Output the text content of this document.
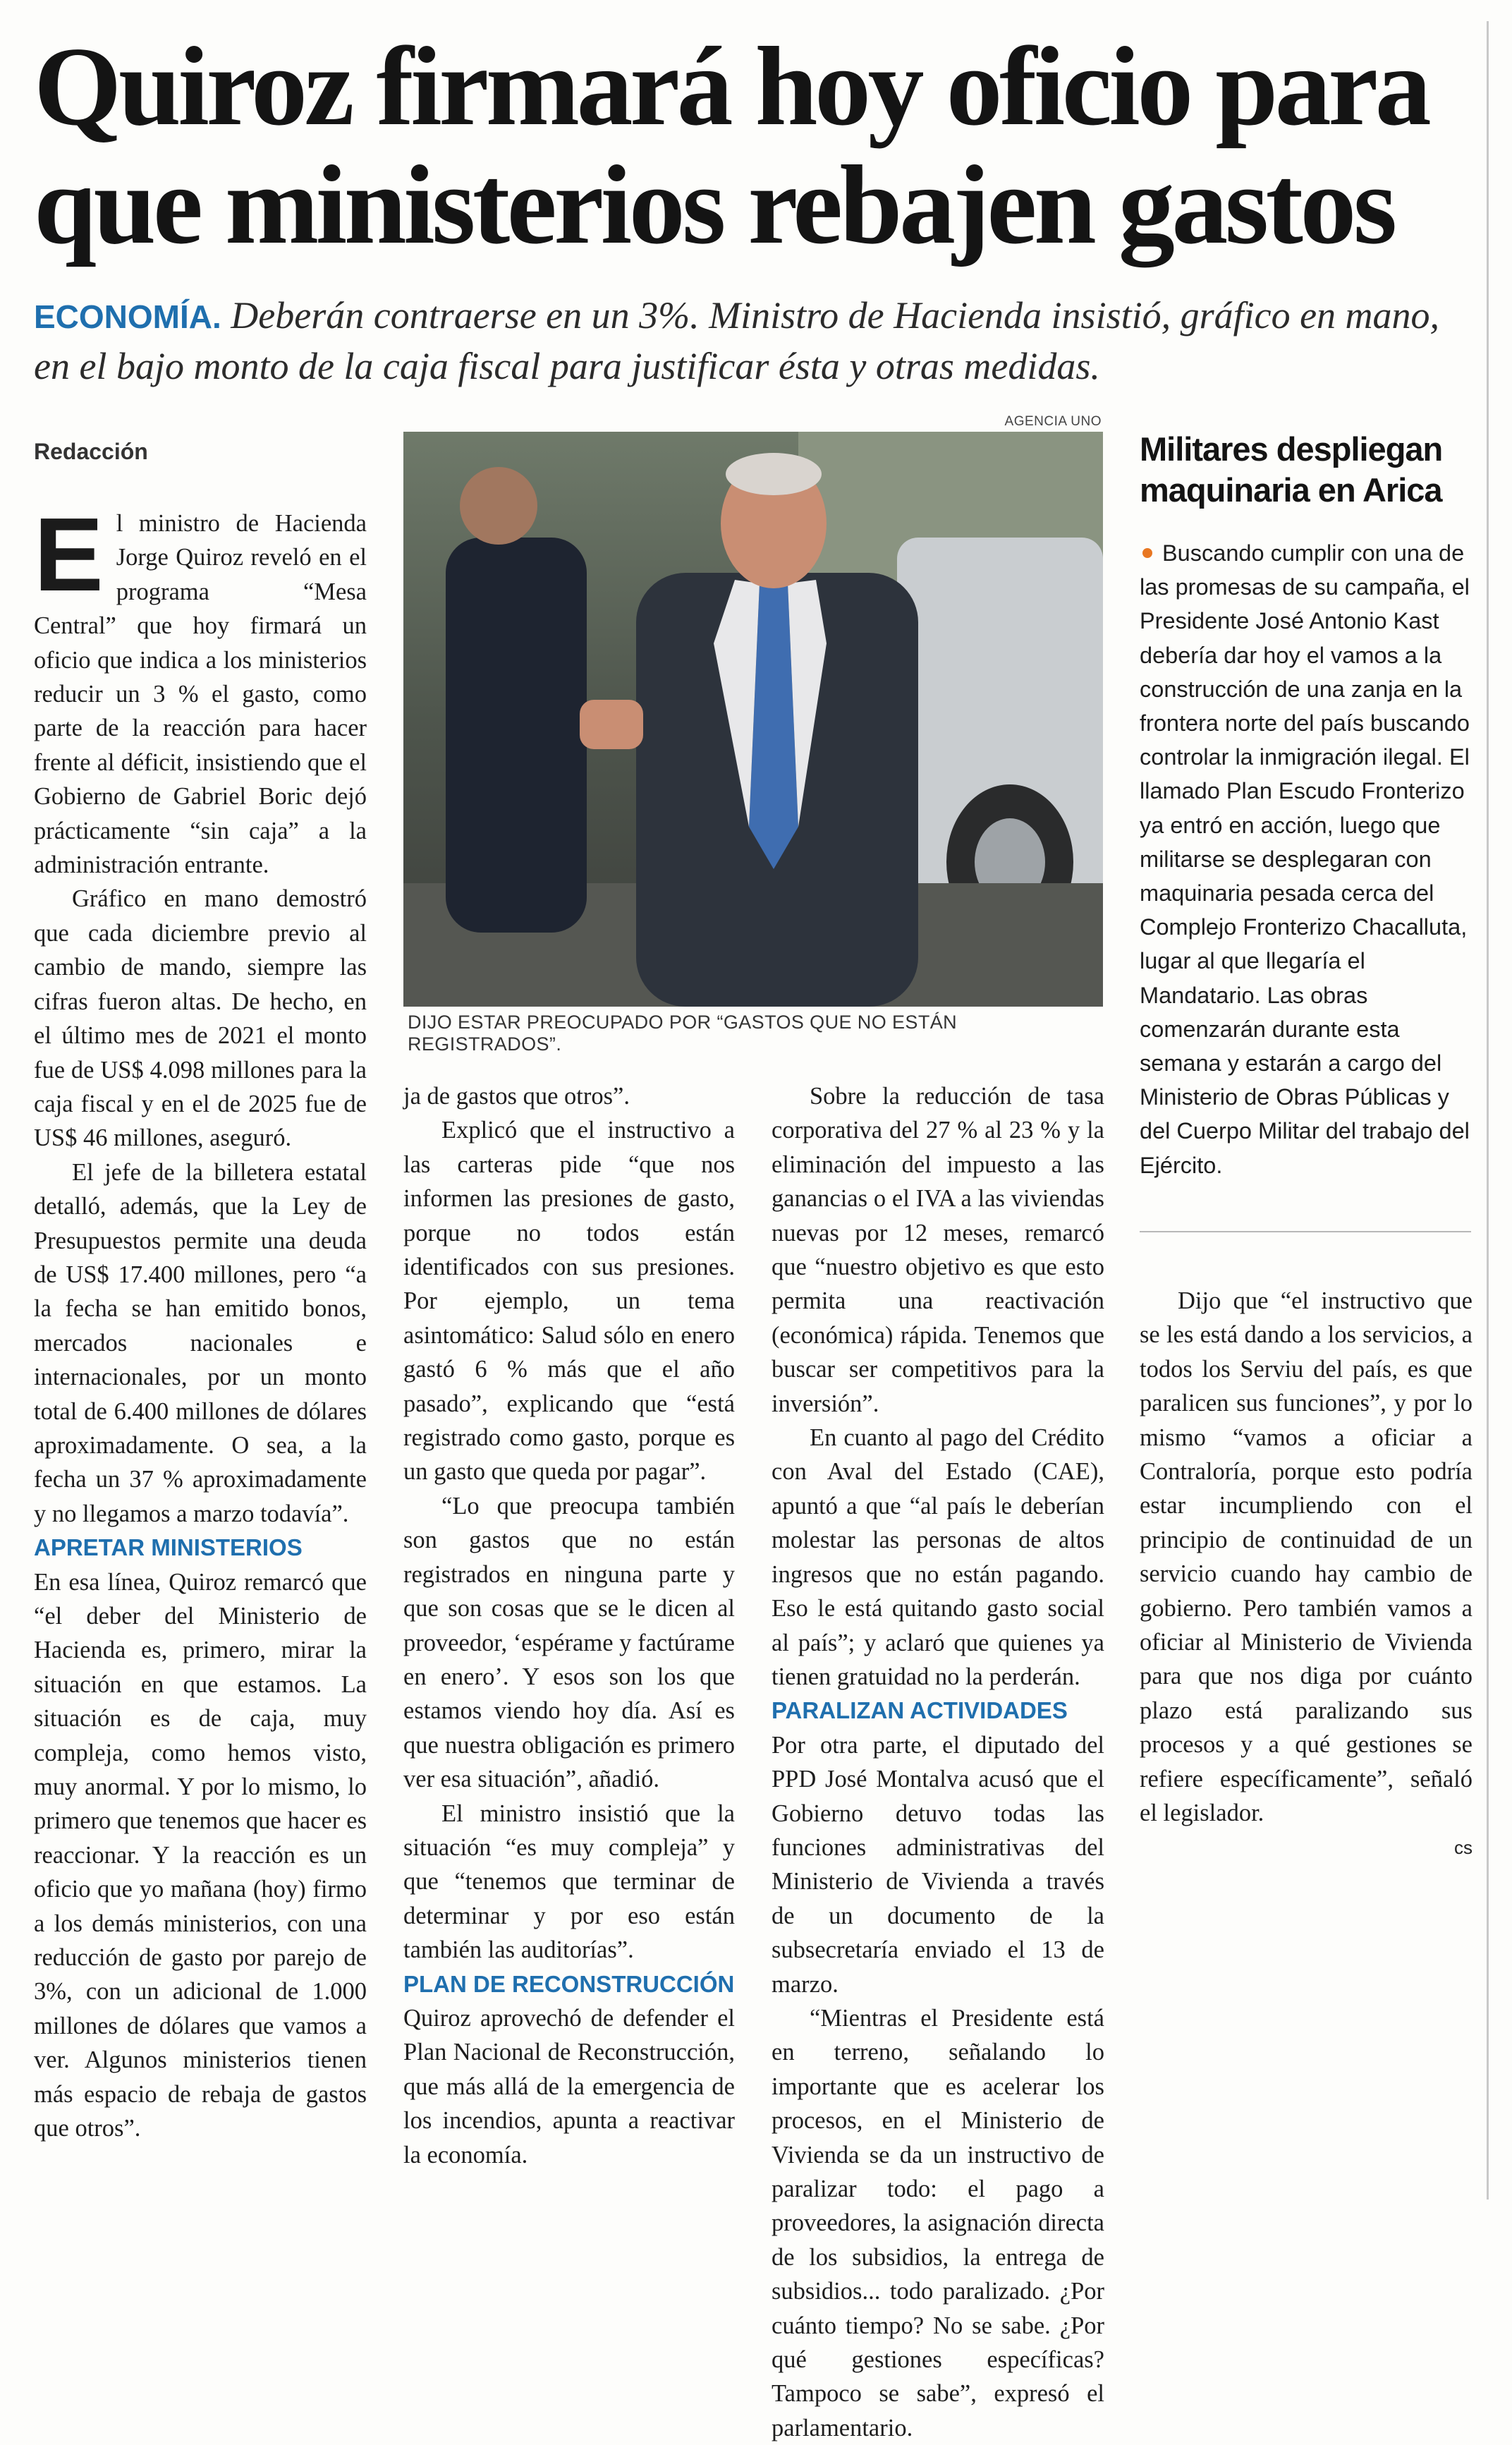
Quiroz firmará hoy oficio para que ministerios rebajen gastos
ECONOMÍA. Deberán contraerse en un 3%. Ministro de Hacienda insistió, gráfico en mano, en el bajo monto de la caja fiscal para justificar ésta y otras medidas.
Redacción

El ministro de Hacienda Jorge Quiroz reveló en el programa “Mesa Central” que hoy firmará un oficio que indica a los ministerios reducir un 3 % el gasto, como parte de la reacción para hacer frente al déficit, insistiendo que el Gobierno de Gabriel Boric dejó prácticamente “sin caja” a la administración entrante.

Gráfico en mano demostró que cada diciembre previo al cambio de mando, siempre las cifras fueron altas. De hecho, en el último mes de 2021 el monto fue de US$ 4.098 millones para la caja fiscal y en el de 2025 fue de US$ 46 millones, aseguró.

El jefe de la billetera estatal detalló, además, que la Ley de Presupuestos permite una deuda de US$ 17.400 millones, pero “a la fecha se han emitido bonos, mercados nacionales e internacionales, por un monto total de 6.400 millones de dólares aproximadamente. O sea, a la fecha un 37 % aproximadamente y no llegamos a marzo todavía”.

APRETAR MINISTERIOS

En esa línea, Quiroz remarcó que “el deber del Ministerio de Hacienda es, primero, mirar la situación en que estamos. La situación es de caja, muy compleja, como hemos visto, muy anormal. Y por lo mismo, lo primero que tenemos que hacer es reaccionar. Y la reacción es un oficio que yo mañana (hoy) firmo a los demás ministerios, con una reducción de gasto por parejo de 3%, con un adicional de 1.000 millones de dólares que vamos a ver. Algunos ministerios tienen más espacio de rebaja de gastos que otros”.

AGENCIA UNO
DIJO ESTAR PREOCUPADO POR “GASTOS QUE NO ESTÁN REGISTRADOS”.

ja de gastos que otros”.

Explicó que el instructivo a las carteras pide “que nos informen las presiones de gasto, porque no todos están identificados con sus presiones. Por ejemplo, un tema asintomático: Salud sólo en enero gastó 6 % más que el año pasado”, explicando que “está registrado como gasto, porque es un gasto que queda por pagar”.

“Lo que preocupa también son gastos que no están registrados en ninguna parte y que son cosas que se le dicen al proveedor, ‘espérame y factúrame en enero’. Y esos son los que estamos viendo hoy día. Así es que nuestra obligación es primero ver esa situación”, añadió.

El ministro insistió que la situación “es muy compleja” y que “tenemos que terminar de determinar y por eso están también las auditorías”.

PLAN DE RECONSTRUCCIÓN

Quiroz aprovechó de defender el Plan Nacional de Reconstrucción, que más allá de la emergencia de los incendios, apunta a reactivar la economía.

Sobre la reducción de tasa corporativa del 27 % al 23 % y la eliminación del impuesto a las ganancias o el IVA a las viviendas nuevas por 12 meses, remarcó que “nuestro objetivo es que esto permita una reactivación (económica) rápida. Tenemos que buscar ser competitivos para la inversión”.

En cuanto al pago del Crédito con Aval del Estado (CAE), apuntó a que “al país le deberían molestar las personas de altos ingresos que no están pagando. Eso le está quitando gasto social al país”; y aclaró que quienes ya tienen gratuidad no la perderán.

PARALIZAN ACTIVIDADES

Por otra parte, el diputado del PPD José Montalva acusó que el Gobierno detuvo todas las funciones administrativas del Ministerio de Vivienda a través de un documento de la subsecretaría enviado el 13 de marzo.

“Mientras el Presidente está en terreno, señalando lo importante que es acelerar los procesos, en el Ministerio de Vivienda se da un instructivo de paralizar todo: el pago a proveedores, la asignación directa de los subsidios, la entrega de subsidios... todo paralizado. ¿Por cuánto tiempo? No se sabe. ¿Por qué gestiones específicas? Tampoco se sabe”, expresó el parlamentario.

Dijo que “el instructivo que se les está dando a los servicios, a todos los Serviu del país, es que paralicen sus funciones”, y por lo mismo “vamos a oficiar a Contraloría, porque esto podría estar incumpliendo con el principio de continuidad de un servicio cuando hay cambio de gobierno. Pero también vamos a oficiar al Ministerio de Vivienda para que nos diga por cuánto plazo está paralizando sus procesos y a qué gestiones se refiere específicamente”, señaló el legislador.

cs

Militares despliegan maquinaria en Arica
Buscando cumplir con una de las promesas de su campaña, el Presidente José Antonio Kast debería dar hoy el vamos a la construcción de una zanja en la frontera norte del país buscando controlar la inmigración ilegal. El llamado Plan Escudo Fronterizo ya entró en acción, luego que militarse se desplegaran con maquinaria pesada cerca del Complejo Fronterizo Chacalluta, lugar al que llegaría el Mandatario. Las obras comenzarán durante esta semana y estarán a cargo del Ministerio de Obras Públicas y del Cuerpo Militar del trabajo del Ejército.
